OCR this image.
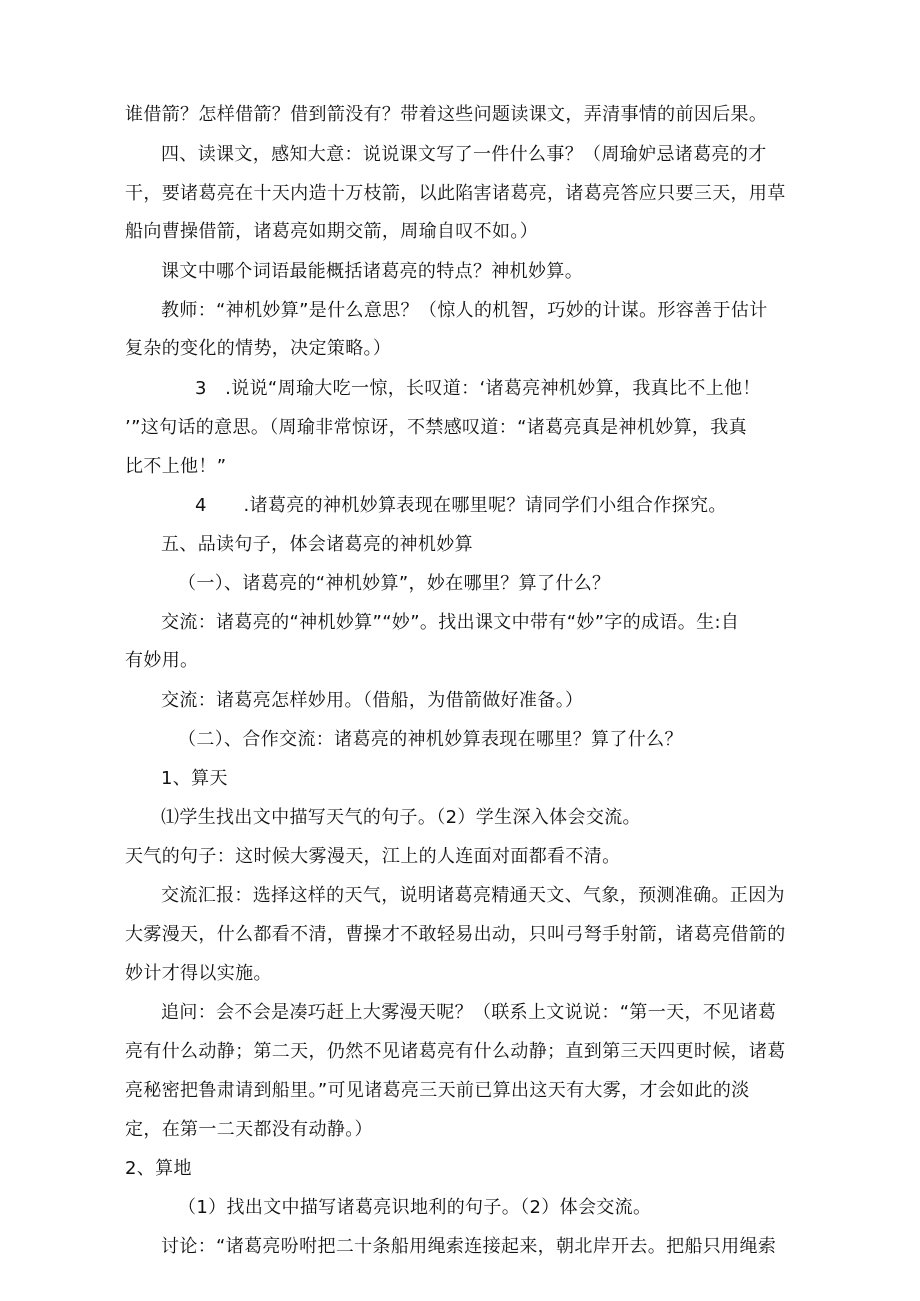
谁借箭？怎样借箭？借到箭没有？带着这些问题读课文，弄清事情的前因后果。
四、读课文，感知大意：说说课文写了一件什么事？（周瑜妒忌诸葛亮的才
干，要诸葛亮在十天内造十万枝箭，以此陷害诸葛亮，诸葛亮答应只要三天，用草
船向曹操借箭，诸葛亮如期交箭，周瑜自叹不如。）
课文中哪个词语最能概括诸葛亮的特点？神机妙算。
教师：“神机妙算”是什么意思？（惊人的机智，巧妙的计谋。形容善于估计
复杂的变化的情势，决定策略。）
3　.说说“周瑜大吃一惊，长叹道：‘诸葛亮神机妙算，我真比不上他！
’”这句话的意思。（周瑜非常惊讶，不禁感叹道：“诸葛亮真是神机妙算，我真
比不上他！”
4　　.诸葛亮的神机妙算表现在哪里呢？请同学们小组合作探究。
五、品读句子，体会诸葛亮的神机妙算
（一）、诸葛亮的“神机妙算”，妙在哪里？算了什么？
交流：诸葛亮的“神机妙算”“妙”。找出课文中带有“妙”字的成语。生:自
有妙用。
交流：诸葛亮怎样妙用。（借船，为借箭做好准备。）
（二）、合作交流：诸葛亮的神机妙算表现在哪里？算了什么？
1、算天
⑴学生找出文中描写天气的句子。（2）学生深入体会交流。
天气的句子：这时候大雾漫天，江上的人连面对面都看不清。
交流汇报：选择这样的天气，说明诸葛亮精通天文、气象，预测准确。正因为
大雾漫天，什么都看不清，曹操才不敢轻易出动，只叫弓弩手射箭，诸葛亮借箭的
妙计才得以实施。
追问：会不会是凑巧赶上大雾漫天呢？（联系上文说说：“第一天，不见诸葛
亮有什么动静；第二天，仍然不见诸葛亮有什么动静；直到第三天四更时候，诸葛
亮秘密把鲁肃请到船里。”可见诸葛亮三天前已算出这天有大雾，才会如此的淡
定，在第一二天都没有动静。）
2、算地
（1）找出文中描写诸葛亮识地利的句子。（2）体会交流。
讨论：“诸葛亮吩咐把二十条船用绳索连接起来，朝北岸开去。把船只用绳索
